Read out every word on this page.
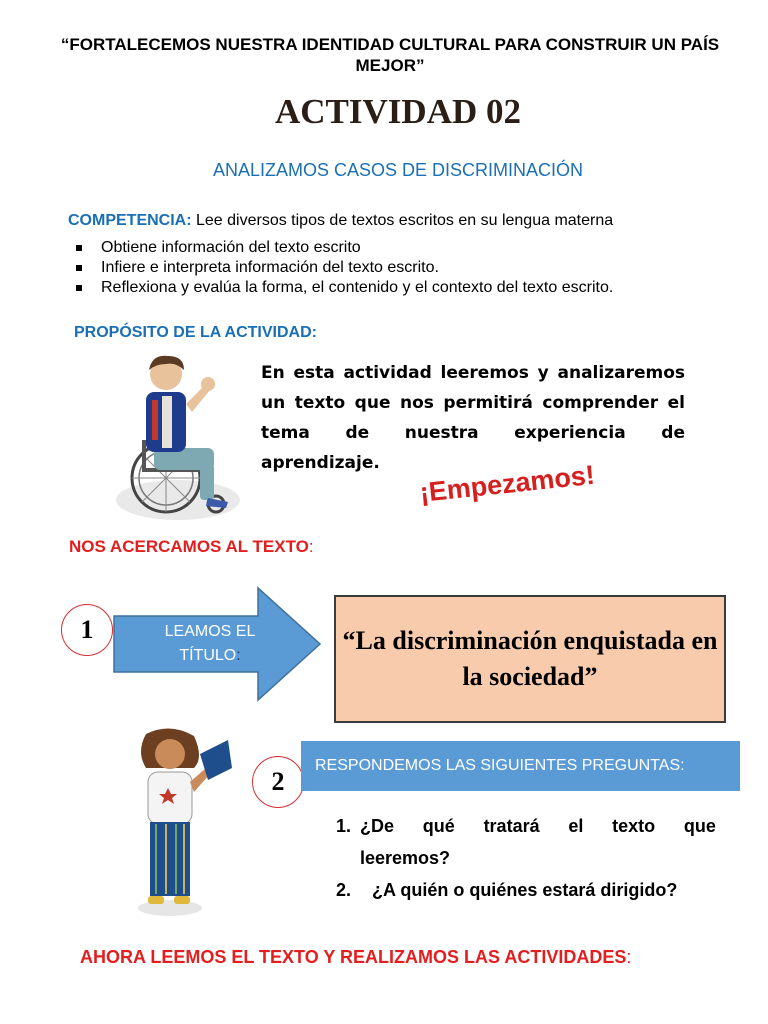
“FORTALECEMOS NUESTRA IDENTIDAD CULTURAL PARA CONSTRUIR UN PAÍS MEJOR”
ACTIVIDAD 02
ANALIZAMOS CASOS DE DISCRIMINACIÓN
COMPETENCIA: Lee diversos tipos de textos escritos en su lengua materna
Obtiene información del texto escrito
Infiere e interpreta información del texto escrito.
Reflexiona y evalúa la forma, el contenido y el contexto del texto escrito.
PROPÓSITO DE LA ACTIVIDAD:
En esta actividad leeremos y analizaremos un texto que nos permitirá comprender el tema de nuestra experiencia de aprendizaje.	¡Empezamos!
NOS ACERCAMOS AL TEXTO:
1	LEAMOS EL
TÍTULO:
“La discriminación enquistada en la sociedad”
2
RESPONDEMOS LAS SIGUIENTES PREGUNTAS:
1. ¿De qué tratará el texto que
leeremos?
2.	¿A quién o quiénes estará dirigido?
AHORA LEEMOS EL TEXTO Y REALIZAMOS LAS ACTIVIDADES:
